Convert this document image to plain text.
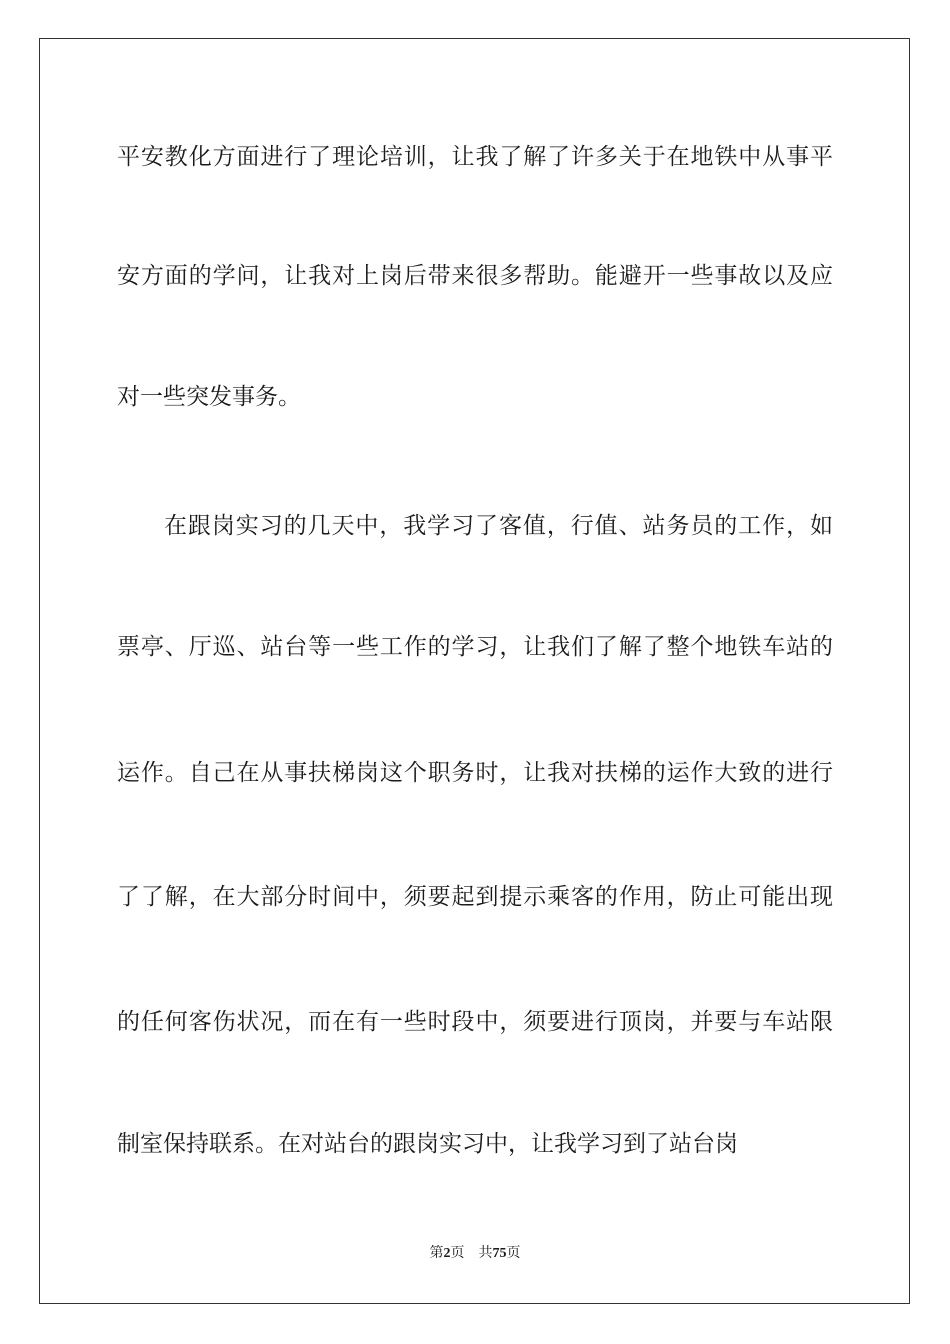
平安教化方面进行了理论培训，让我了解了许多关于在地铁中从事平
安方面的学问，让我对上岗后带来很多帮助。能避开一些事故以及应
对一些突发事务。
在跟岗实习的几天中，我学习了客值，行值、站务员的工作，如
票亭、厅巡、站台等一些工作的学习，让我们了解了整个地铁车站的
运作。自己在从事扶梯岗这个职务时，让我对扶梯的运作大致的进行
了了解，在大部分时间中，须要起到提示乘客的作用，防止可能出现
的任何客伤状况，而在有一些时段中，须要进行顶岗，并要与车站限
制室保持联系。在对站台的跟岗实习中，让我学习到了站台岗
第2页 共75页
